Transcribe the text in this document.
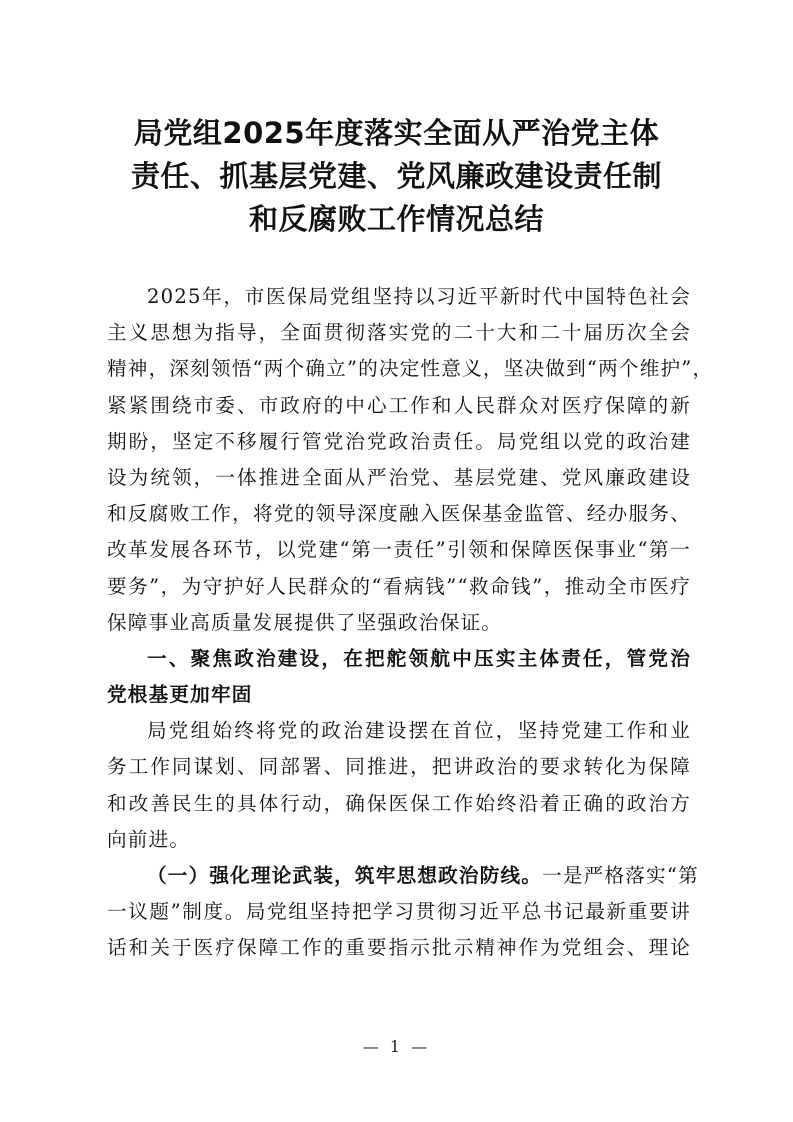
局党组2025年度落实全面从严治党主体
责任、抓基层党建、党风廉政建设责任制
和反腐败工作情况总结
2025年，市医保局党组坚持以习近平新时代中国特色社会
主义思想为指导，全面贯彻落实党的二十大和二十届历次全会
精神，深刻领悟“两个确立”的决定性意义，坚决做到“两个维护”，
紧紧围绕市委、市政府的中心工作和人民群众对医疗保障的新
期盼，坚定不移履行管党治党政治责任。局党组以党的政治建
设为统领，一体推进全面从严治党、基层党建、党风廉政建设
和反腐败工作，将党的领导深度融入医保基金监管、经办服务、
改革发展各环节，以党建“第一责任”引领和保障医保事业“第一
要务”，为守护好人民群众的“看病钱”“救命钱”，推动全市医疗
保障事业高质量发展提供了坚强政治保证。
一、聚焦政治建设，在把舵领航中压实主体责任，管党治
党根基更加牢固
局党组始终将党的政治建设摆在首位，坚持党建工作和业
务工作同谋划、同部署、同推进，把讲政治的要求转化为保障
和改善民生的具体行动，确保医保工作始终沿着正确的政治方
向前进。
（一）强化理论武装，筑牢思想政治防线。一是严格落实“第
一议题”制度。局党组坚持把学习贯彻习近平总书记最新重要讲
话和关于医疗保障工作的重要指示批示精神作为党组会、理论
— 1 —
